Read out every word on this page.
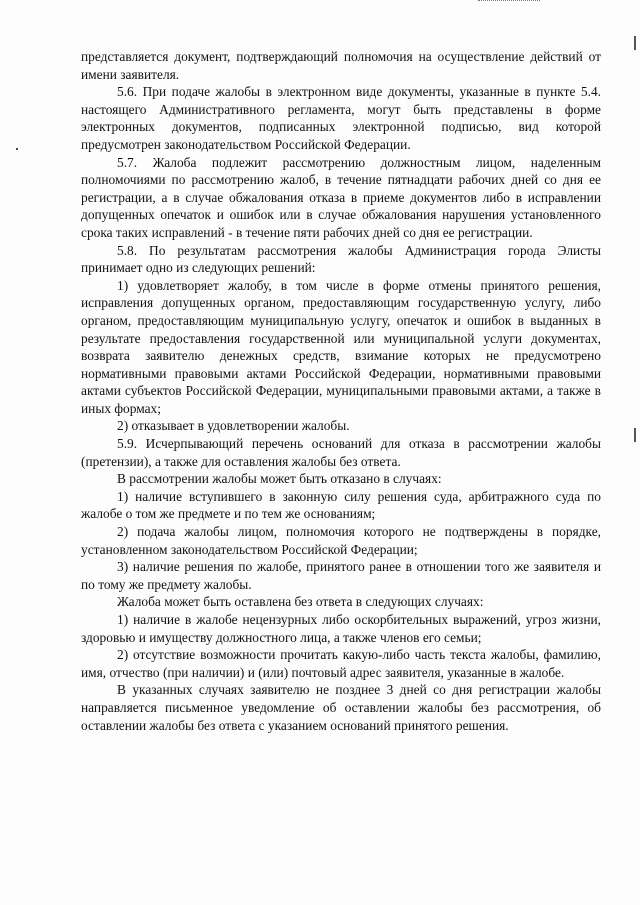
представляется документ, подтверждающий полномочия на осуществление действий от имени заявителя.

5.6. При подаче жалобы в электронном виде документы, указанные в пункте 5.4. настоящего Административного регламента, могут быть представлены в форме электронных документов, подписанных электронной подписью, вид которой предусмотрен законодательством Российской Федерации.

5.7. Жалоба подлежит рассмотрению должностным лицом, наделенным полномочиями по рассмотрению жалоб, в течение пятнадцати рабочих дней со дня ее регистрации, а в случае обжалования отказа в приеме документов либо в исправлении допущенных опечаток и ошибок или в случае обжалования нарушения установленного срока таких исправлений - в течение пяти рабочих дней со дня ее регистрации.

5.8. По результатам рассмотрения жалобы Администрация города Элисты принимает одно из следующих решений:

1) удовлетворяет жалобу, в том числе в форме отмены принятого решения, исправления допущенных органом, предоставляющим государственную услугу, либо органом, предоставляющим муниципальную услугу, опечаток и ошибок в выданных в результате предоставления государственной или муниципальной услуги документах, возврата заявителю денежных средств, взимание которых не предусмотрено нормативными правовыми актами Российской Федерации, нормативными правовыми актами субъектов Российской Федерации, муниципальными правовыми актами, а также в иных формах;

2) отказывает в удовлетворении жалобы.

5.9. Исчерпывающий перечень оснований для отказа в рассмотрении жалобы (претензии), а также для оставления жалобы без ответа.

В рассмотрении жалобы может быть отказано в случаях:

1) наличие вступившего в законную силу решения суда, арбитражного суда по жалобе о том же предмете и по тем же основаниям;

2) подача жалобы лицом, полномочия которого не подтверждены в порядке, установленном законодательством Российской Федерации;

3) наличие решения по жалобе, принятого ранее в отношении того же заявителя и по тому же предмету жалобы.

Жалоба может быть оставлена без ответа в следующих случаях:

1) наличие в жалобе нецензурных либо оскорбительных выражений, угроз жизни, здоровью и имуществу должностного лица, а также членов его семьи;

2) отсутствие возможности прочитать какую-либо часть текста жалобы, фамилию, имя, отчество (при наличии) и (или) почтовый адрес заявителя, указанные в жалобе.

В указанных случаях заявителю не позднее 3 дней со дня регистрации жалобы направляется письменное уведомление об оставлении жалобы без рассмотрения, об оставлении жалобы без ответа с указанием оснований принятого решения.
